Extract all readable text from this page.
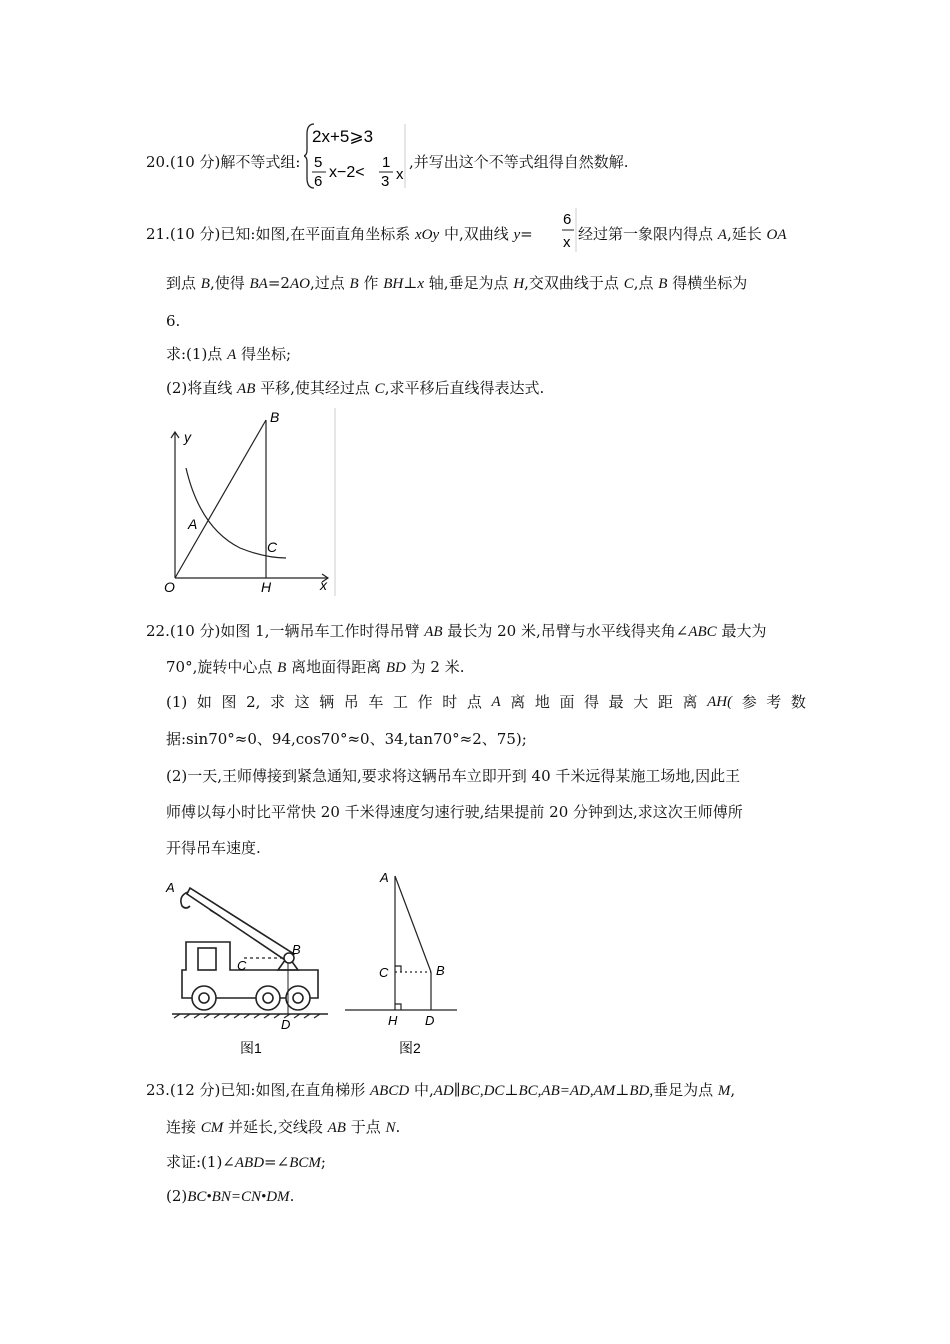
20.(10 分)解不等式组:
2x+5⩾3
5
6
x−2<
1
3 x
,并写出这个不等式组得自然数解.
21.(10 分)已知:如图,在平面直角坐标系 xOy 中,双曲线 y=
6
x 经过第一象限内得点 A,延长 OA
到点 B,使得 BA=2AO,过点 B 作 BH⊥x 轴,垂足为点 H,交双曲线于点 C,点 B 得横坐标为
6.
求:(1)点 A 得坐标;
(2)将直线 AB 平移,使其经过点 C,求平移后直线得表达式.
y
B
A
C
O	H	x
22.(10 分)如图 1,一辆吊车工作时得吊臂 AB 最长为 20 米,吊臂与水平线得夹角∠ABC 最大为
70°,旋转中心点 B 离地面得距离 BD 为 2 米.
(1) 如 图 2, 求 这 辆 吊 车 工 作 时 点 A 离 地 面 得 最 大 距 离 AH( 参 考 数
据:sin70°≈0、94,cos70°≈0、34,tan70°≈2、75);
(2)一天,王师傅接到紧急通知,要求将这辆吊车立即开到 40 千米远得某施工场地,因此王
师傅以每小时比平常快 20 千米得速度匀速行驶,结果提前 20 分钟到达,求这次王师傅所
开得吊车速度.
A
B
C
D
图1
A
B
C
H D
图2
23.(12 分)已知:如图,在直角梯形 ABCD 中,AD∥BC,DC⊥BC,AB=AD,AM⊥BD,垂足为点 M,
连接 CM 并延长,交线段 AB 于点 N.
求证:(1)∠ABD=∠BCM;
(2)BC•BN=CN•DM.
